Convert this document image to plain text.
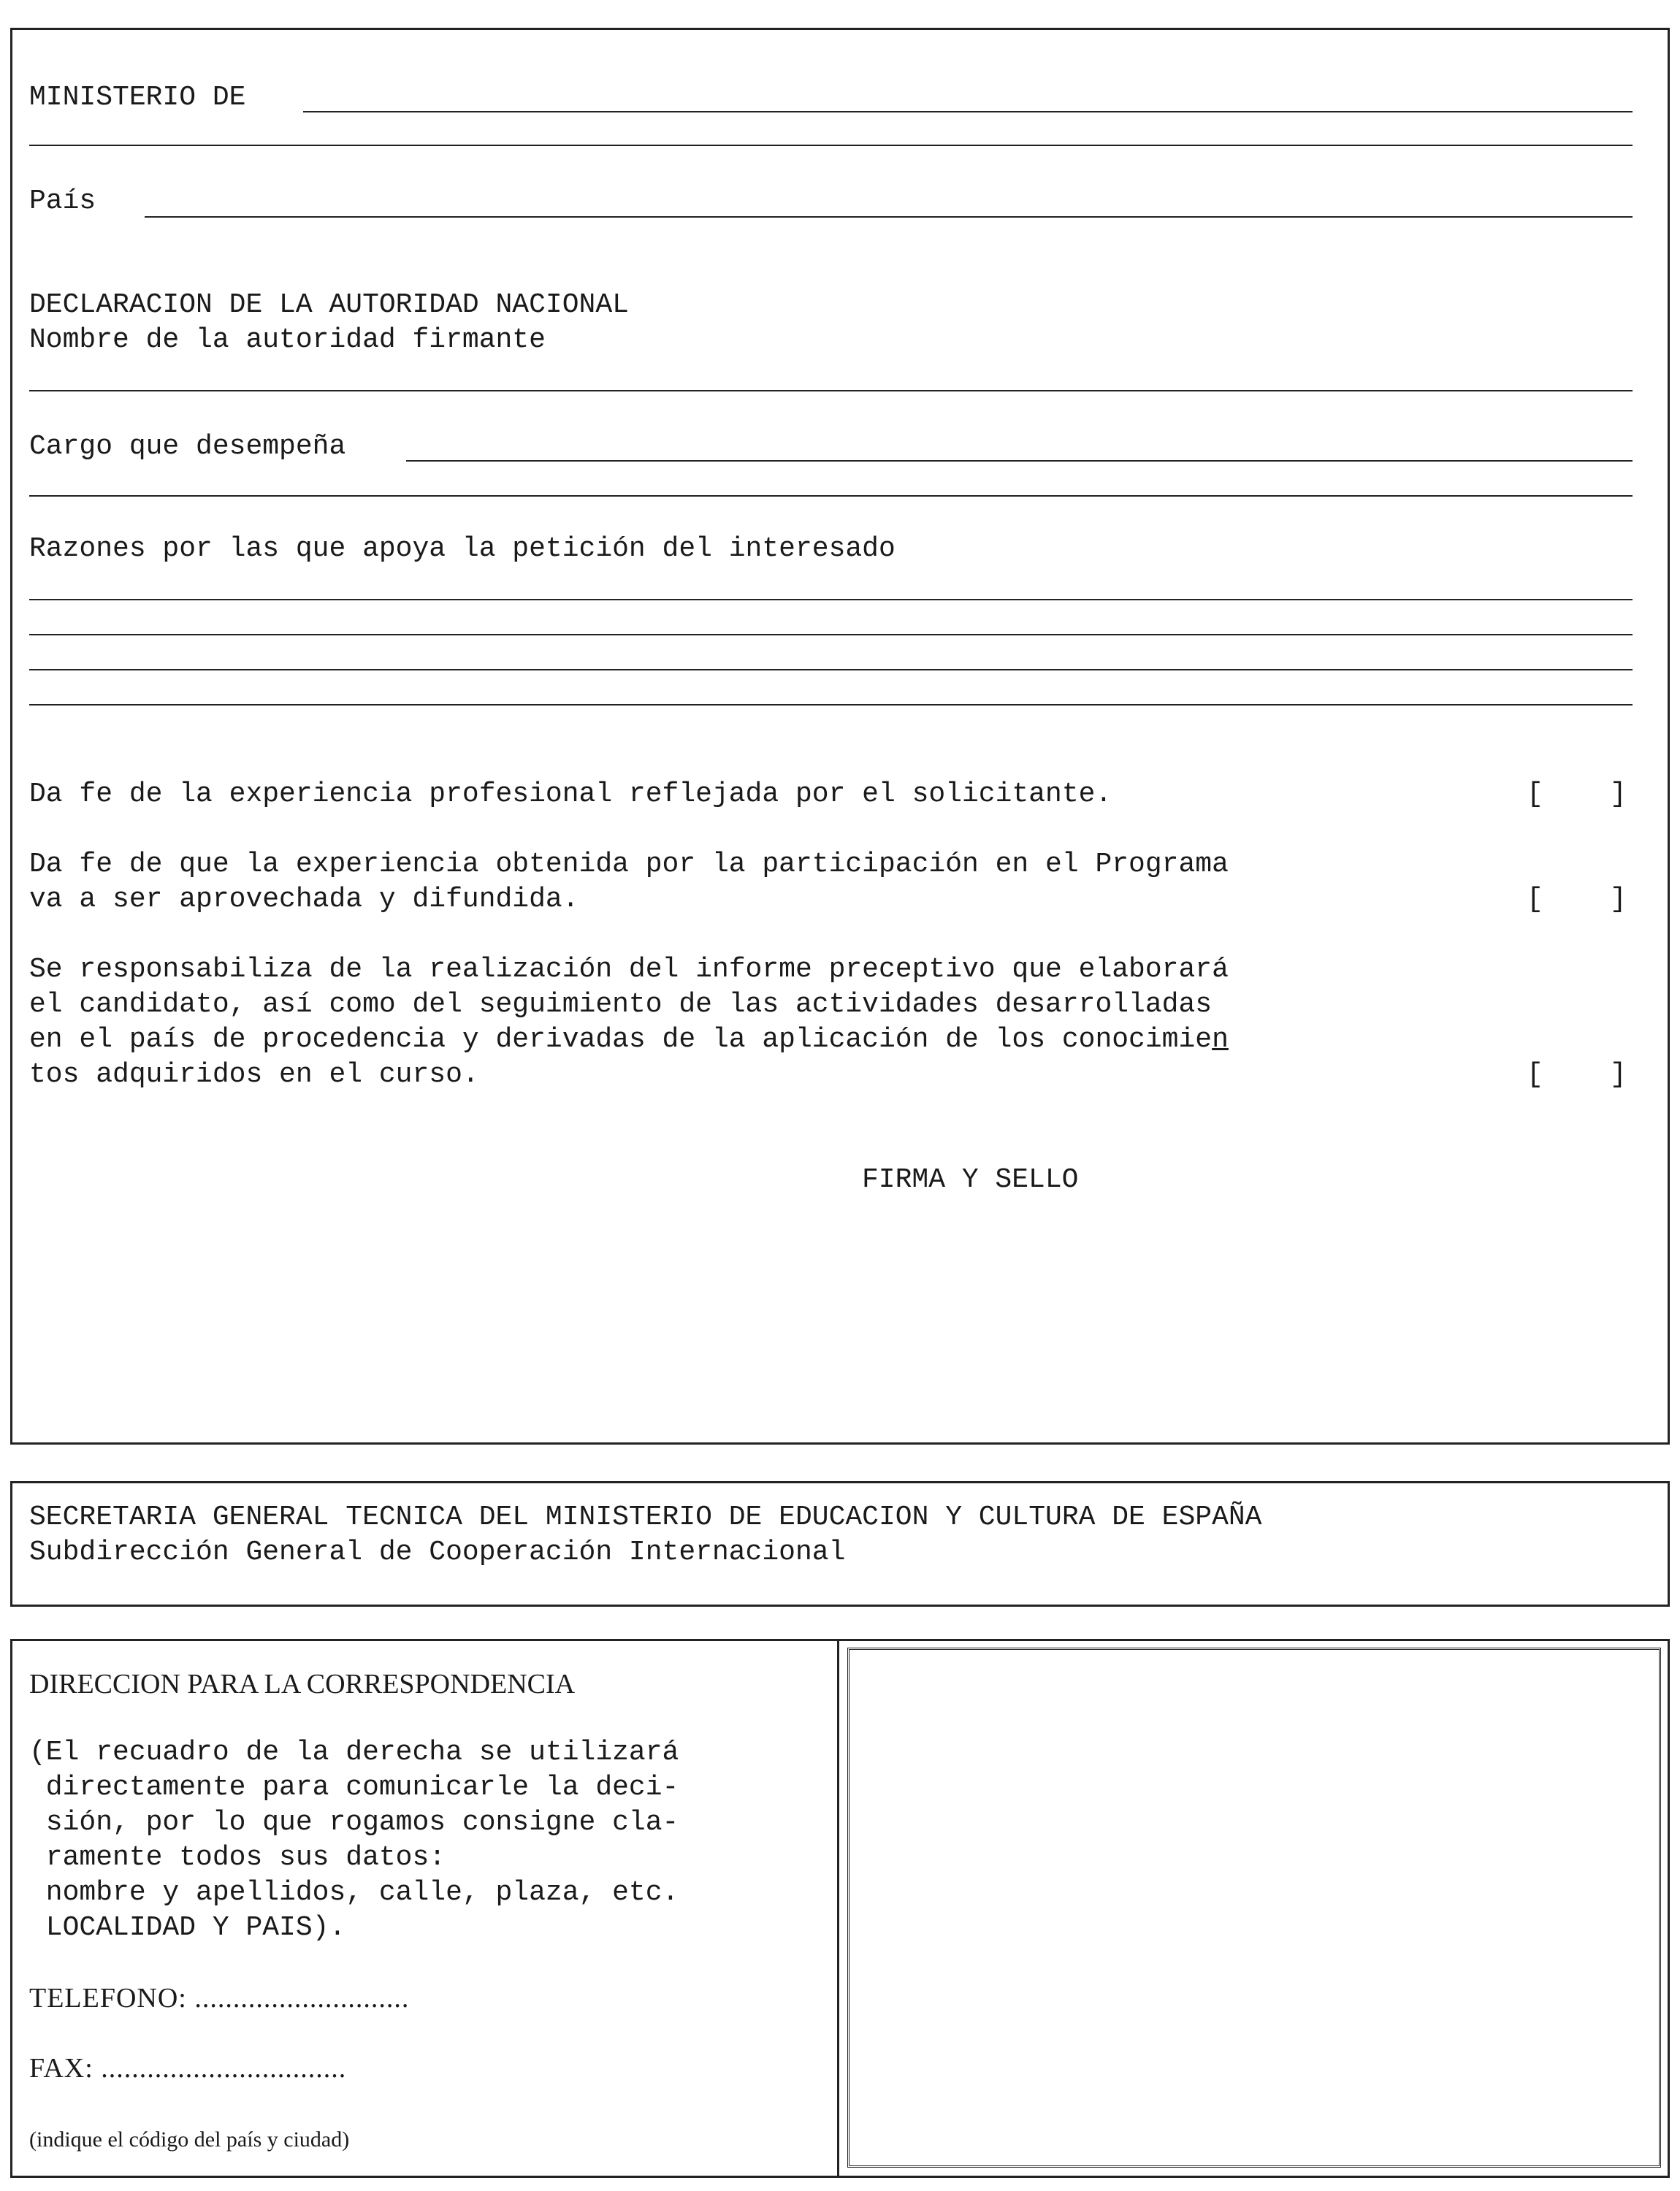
MINISTERIO DE
País
DECLARACION DE LA AUTORIDAD NACIONAL
Nombre de la autoridad firmante
Cargo que desempeña
Razones por las que apoya la petición del interesado
Da fe de la experiencia profesional reflejada por el solicitante.	[    ]
Da fe de que la experiencia obtenida por la participación en el Programa
va a ser aprovechada y difundida.	[    ]
Se responsabiliza de la realización del informe preceptivo que elaborará
el candidato, así como del seguimiento de las actividades desarrolladas
en el país de procedencia y derivadas de la aplicación de los conocimien
tos adquiridos en el curso.	[    ]
FIRMA Y SELLO
SECRETARIA GENERAL TECNICA DEL MINISTERIO DE EDUCACION Y CULTURA DE ESPAÑA
Subdirección General de Cooperación Internacional
DIRECCION PARA LA CORRESPONDENCIA
(El recuadro de la derecha se utilizará
directamente para comunicarle la deci-
sión, por lo que rogamos consigne cla-
ramente todos sus datos:
nombre y apellidos, calle, plaza, etc.
LOCALIDAD Y PAIS).
TELEFONO: ............................
FAX: ................................
(indique el código del país y ciudad)
